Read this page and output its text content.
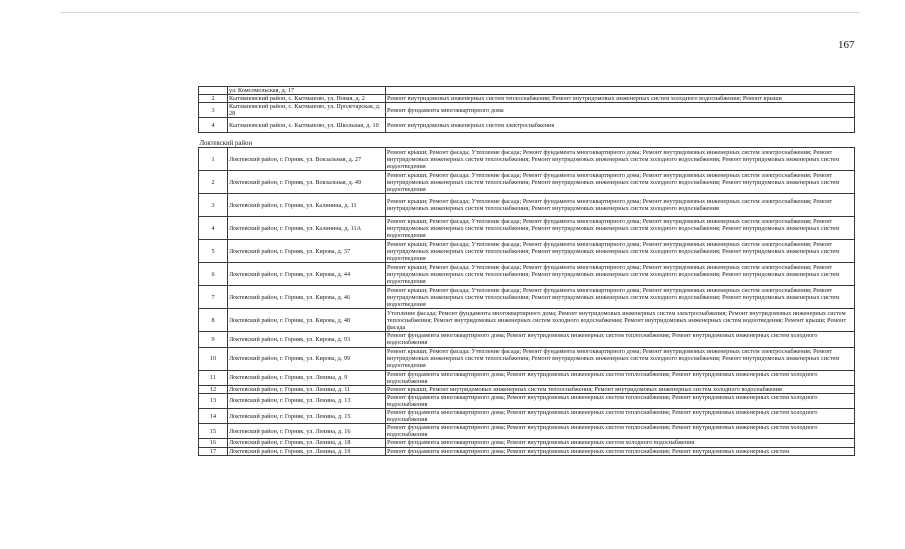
167
	ул. Комсомольская, д. 17	
2	Кытмановский район, с. Кытманово, ул. Новая, д. 2	Ремонт внутридомовых инженерных систем теплоснабжения; Ремонт внутридомовых инженерных систем холодного водоснабжения; Ремонт крыши
3	Кытмановский район, с. Кытманово, ул. Пролетарская, д. 28	Ремонт фундамента многоквартирного дома
4	Кытмановский район, с. Кытманово, ул. Школьная, д. 10	Ремонт внутридомовых инженерных систем электроснабжения
Локтевский район		
1	Локтевский район, г. Горняк, ул. Вокзальная, д. 27	Ремонт крыши; Ремонт фасада; Утепление фасада; Ремонт фундамента многоквартирного дома; Ремонт внутридомовых инженерных систем электроснабжения; Ремонт внутридомовых инженерных систем теплоснабжения; Ремонт внутридомовых инженерных систем холодного водоснабжения; Ремонт внутридомовых инженерных систем водоотведения
2	Локтевский район, г. Горняк, ул. Вокзальная, д. 49	Ремонт крыши; Ремонт фасада; Утепление фасада; Ремонт фундамента многоквартирного дома; Ремонт внутридомовых инженерных систем электроснабжения; Ремонт внутридомовых инженерных систем теплоснабжения; Ремонт внутридомовых инженерных систем холодного водоснабжения; Ремонт внутридомовых инженерных систем водоотведения
3	Локтевский район, г. Горняк, ул. Калинина, д. 11	Ремонт крыши; Ремонт фасада; Утепление фасада; Ремонт фундамента многоквартирного дома; Ремонт внутридомовых инженерных систем электроснабжения; Ремонт внутридомовых инженерных систем теплоснабжения; Ремонт внутридомовых инженерных систем холодного водоснабжения
4	Локтевский район, г. Горняк, ул. Калинина, д. 11А	Ремонт крыши; Ремонт фасада; Утепление фасада; Ремонт фундамента многоквартирного дома; Ремонт внутридомовых инженерных систем электроснабжения; Ремонт внутридомовых инженерных систем теплоснабжения; Ремонт внутридомовых инженерных систем холодного водоснабжения; Ремонт внутридомовых инженерных систем водоотведения
5	Локтевский район, г. Горняк, ул. Кирова, д. 37	Ремонт крыши; Ремонт фасада; Утепление фасада; Ремонт фундамента многоквартирного дома; Ремонт внутридомовых инженерных систем электроснабжения; Ремонт внутридомовых инженерных систем теплоснабжения; Ремонт внутридомовых инженерных систем холодного водоснабжения; Ремонт внутридомовых инженерных систем водоотведения
6	Локтевский район, г. Горняк, ул. Кирова, д. 44	Ремонт крыши; Ремонт фасада; Утепление фасада; Ремонт фундамента многоквартирного дома; Ремонт внутридомовых инженерных систем электроснабжения; Ремонт внутридомовых инженерных систем теплоснабжения; Ремонт внутридомовых инженерных систем холодного водоснабжения; Ремонт внутридомовых инженерных систем водоотведения
7	Локтевский район, г. Горняк, ул. Кирова, д. 46	Ремонт крыши; Ремонт фасада; Утепление фасада; Ремонт фундамента многоквартирного дома; Ремонт внутридомовых инженерных систем электроснабжения; Ремонт внутридомовых инженерных систем теплоснабжения; Ремонт внутридомовых инженерных систем холодного водоснабжения; Ремонт внутридомовых инженерных систем водоотведения
8	Локтевский район, г. Горняк, ул. Кирова, д. 48	Утепление фасада; Ремонт фундамента многоквартирного дома; Ремонт внутридомовых инженерных систем электроснабжения; Ремонт внутридомовых инженерных систем теплоснабжения; Ремонт внутридомовых инженерных систем холодного водоснабжения; Ремонт внутридомовых инженерных систем водоотведения; Ремонт крыши; Ремонт фасада
9	Локтевский район, г. Горняк, ул. Кирова, д. 93	Ремонт фундамента многоквартирного дома; Ремонт внутридомовых инженерных систем теплоснабжения; Ремонт внутридомовых инженерных систем холодного водоснабжения
10	Локтевский район, г. Горняк, ул. Кирова, д. 99	Ремонт крыши; Ремонт фасада; Утепление фасада; Ремонт фундамента многоквартирного дома; Ремонт внутридомовых инженерных систем электроснабжения; Ремонт внутридомовых инженерных систем теплоснабжения; Ремонт внутридомовых инженерных систем холодного водоснабжения; Ремонт внутридомовых инженерных систем водоотведения
11	Локтевский район, г. Горняк, ул. Ленина, д. 9	Ремонт фундамента многоквартирного дома; Ремонт внутридомовых инженерных систем теплоснабжения; Ремонт внутридомовых инженерных систем холодного водоснабжения
12	Локтевский район, г. Горняк, ул. Ленина, д. 11	Ремонт крыши; Ремонт внутридомовых инженерных систем теплоснабжения; Ремонт внутридомовых инженерных систем холодного водоснабжения
13	Локтевский район, г. Горняк, ул. Ленина, д. 13	Ремонт фундамента многоквартирного дома; Ремонт внутридомовых инженерных систем теплоснабжения; Ремонт внутридомовых инженерных систем холодного водоснабжения
14	Локтевский район, г. Горняк, ул. Ленина, д. 15	Ремонт фундамента многоквартирного дома; Ремонт внутридомовых инженерных систем теплоснабжения; Ремонт внутридомовых инженерных систем холодного водоснабжения
15	Локтевский район, г. Горняк, ул. Ленина, д. 16	Ремонт фундамента многоквартирного дома; Ремонт внутридомовых инженерных систем теплоснабжения; Ремонт внутридомовых инженерных систем холодного водоснабжения
16	Локтевский район, г. Горняк, ул. Ленина, д. 18	Ремонт фундамента многоквартирного дома; Ремонт внутридомовых инженерных систем холодного водоснабжения
17	Локтевский район, г. Горняк, ул. Ленина, д. 19	Ремонт фундамента многоквартирного дома; Ремонт внутридомовых инженерных систем теплоснабжения; Ремонт внутридомовых инженерных систем
